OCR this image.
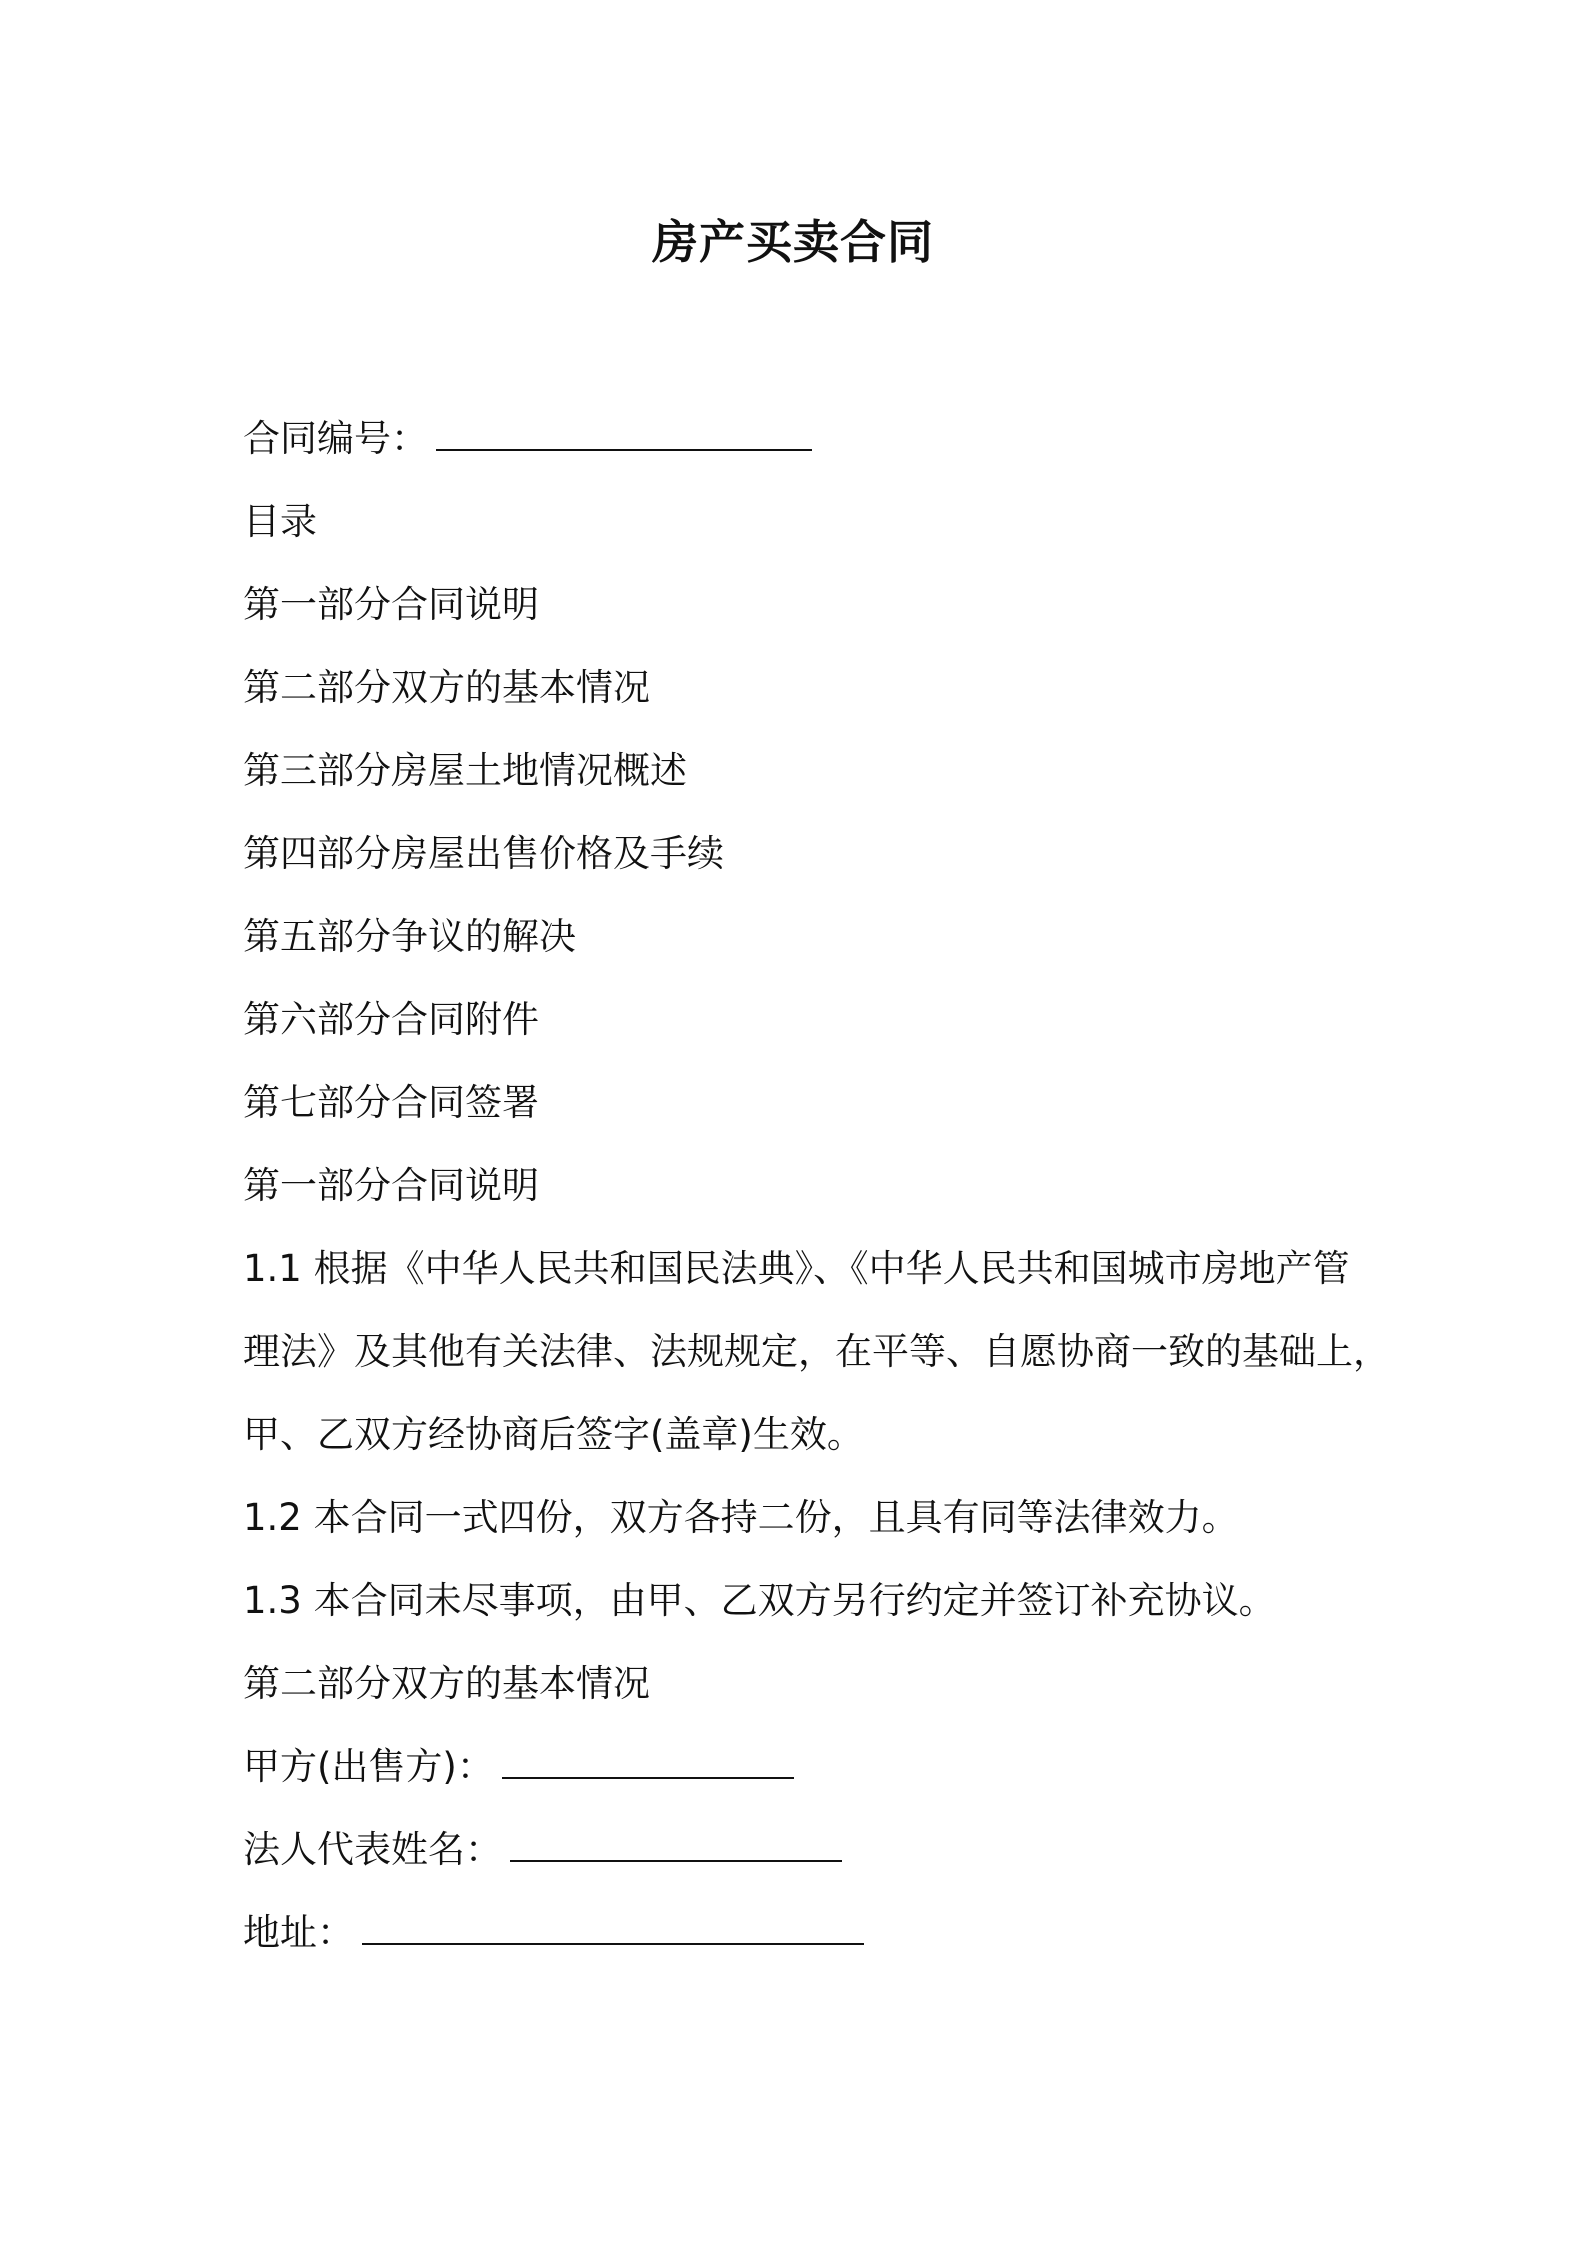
房产买卖合同
合同编号：
目录
第一部分合同说明
第二部分双方的基本情况
第三部分房屋土地情况概述
第四部分房屋出售价格及手续
第五部分争议的解决
第六部分合同附件
第七部分合同签署
第一部分合同说明
1.1 根据《中华人民共和国民法典》、《中华人民共和国城市房地产管
理法》及其他有关法律、法规规定，在平等、自愿协商一致的基础上，
甲、乙双方经协商后签字(盖章)生效。
1.2 本合同一式四份，双方各持二份，且具有同等法律效力。
1.3 本合同未尽事项，由甲、乙双方另行约定并签订补充协议。
第二部分双方的基本情况
甲方(出售方)：
法人代表姓名：
地址：
